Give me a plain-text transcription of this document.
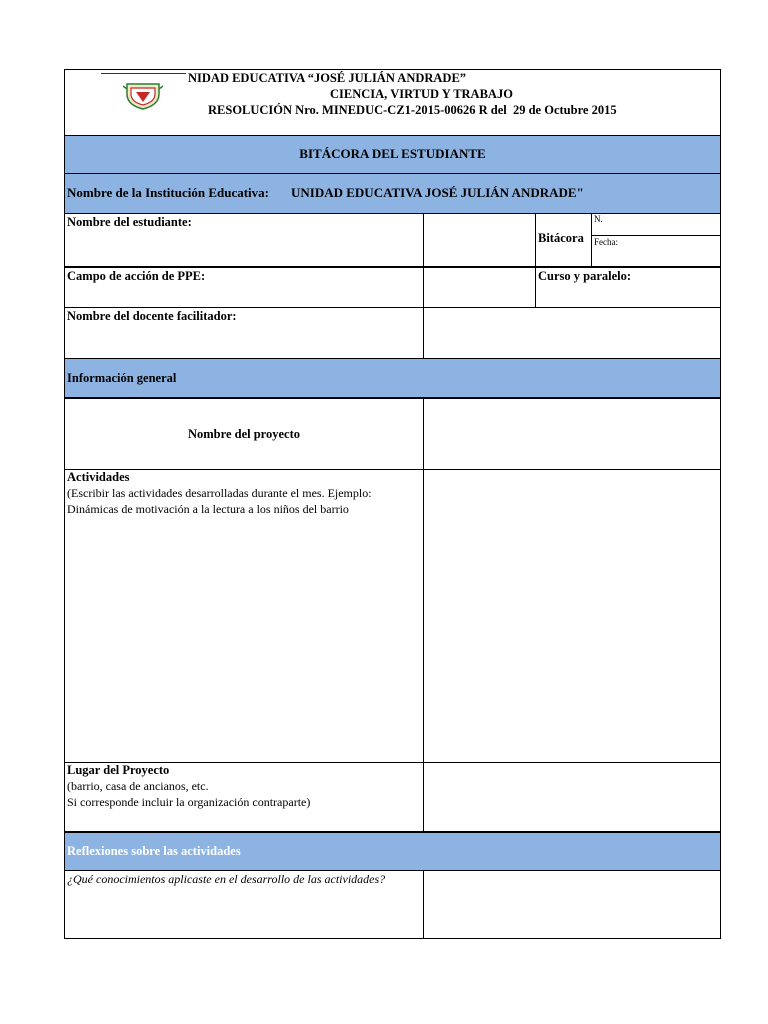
NIDAD EDUCATIVA “JOSÉ JULIÁN ANDRADE”
CIENCIA, VIRTUD Y TRABAJO
RESOLUCIÓN Nro. MINEDUC-CZ1-2015-00626 R del  29 de Octubre 2015
BITÁCORA DEL ESTUDIANTE
Nombre de la Institución Educativa: UNIDAD EDUCATIVA JOSÉ JULIÁN ANDRADE"
Nombre del estudiante:
Bitácora
N.
Fecha:
Campo de acción de PPE:	Curso y paralelo:
Nombre del docente facilitador:
Información general
Nombre del proyecto
Actividades
(Escribir las actividades desarrolladas durante el mes. Ejemplo:
Dinámicas de motivación a la lectura a los niños del barrio
Lugar del Proyecto
(barrio, casa de ancianos, etc.
Si corresponde incluir la organización contraparte)
Reflexiones sobre las actividades
¿Qué conocimientos aplicaste en el desarrollo de las actividades?
